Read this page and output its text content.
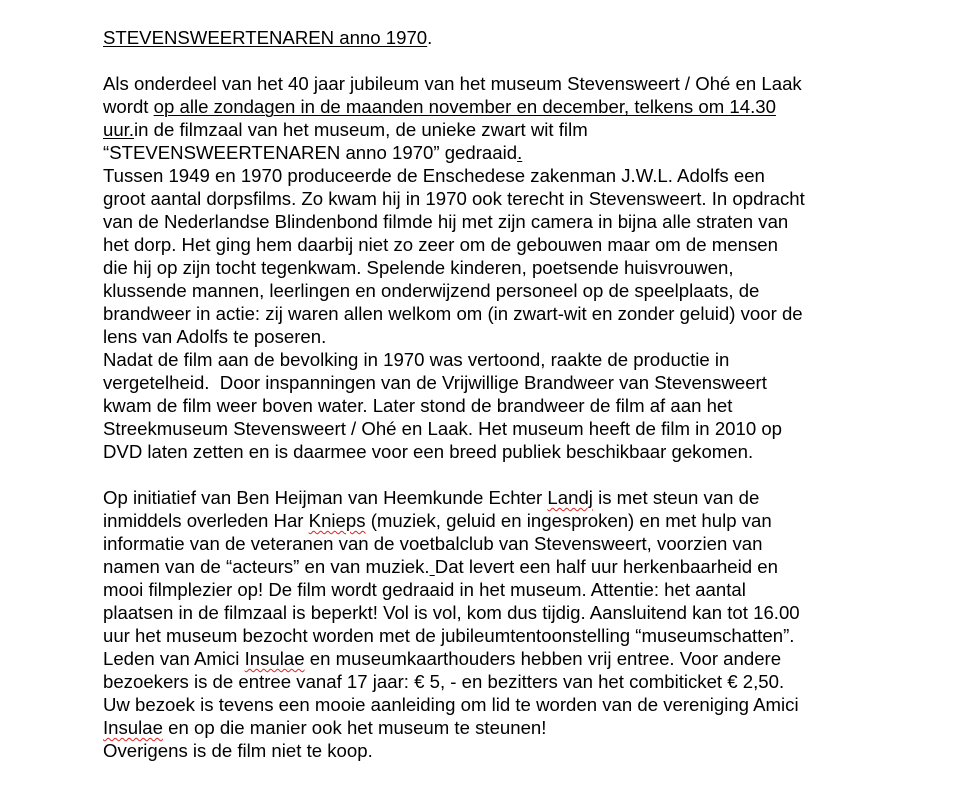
STEVENSWEERTENAREN anno 1970.
Als onderdeel van het 40 jaar jubileum van het museum Stevensweert / Ohé en Laak
wordt op alle zondagen in de maanden november en december, telkens om 14.30
uur.in de filmzaal van het museum, de unieke zwart wit film
“STEVENSWEERTENAREN anno 1970” gedraaid.
Tussen 1949 en 1970 produceerde de Enschedese zakenman J.W.L. Adolfs een
groot aantal dorpsfilms. Zo kwam hij in 1970 ook terecht in Stevensweert. In opdracht
van de Nederlandse Blindenbond filmde hij met zijn camera in bijna alle straten van
het dorp. Het ging hem daarbij niet zo zeer om de gebouwen maar om de mensen
die hij op zijn tocht tegenkwam. Spelende kinderen, poetsende huisvrouwen,
klussende mannen, leerlingen en onderwijzend personeel op de speelplaats, de
brandweer in actie: zij waren allen welkom om (in zwart-wit en zonder geluid) voor de
lens van Adolfs te poseren.
Nadat de film aan de bevolking in 1970 was vertoond, raakte de productie in
vergetelheid.  Door inspanningen van de Vrijwillige Brandweer van Stevensweert
kwam de film weer boven water. Later stond de brandweer de film af aan het
Streekmuseum Stevensweert / Ohé en Laak. Het museum heeft de film in 2010 op
DVD laten zetten en is daarmee voor een breed publiek beschikbaar gekomen.
Op initiatief van Ben Heijman van Heemkunde Echter Landj is met steun van de
inmiddels overleden Har Knieps (muziek, geluid en ingesproken) en met hulp van
informatie van de veteranen van de voetbalclub van Stevensweert, voorzien van
namen van de “acteurs” en van muziek. Dat levert een half uur herkenbaarheid en
mooi filmplezier op! De film wordt gedraaid in het museum. Attentie: het aantal
plaatsen in de filmzaal is beperkt! Vol is vol, kom dus tijdig. Aansluitend kan tot 16.00
uur het museum bezocht worden met de jubileumtentoonstelling “museumschatten”.
Leden van Amici Insulae en museumkaarthouders hebben vrij entree. Voor andere
bezoekers is de entree vanaf 17 jaar: € 5, - en bezitters van het combiticket € 2,50.
Uw bezoek is tevens een mooie aanleiding om lid te worden van de vereniging Amici
Insulae en op die manier ook het museum te steunen!
Overigens is de film niet te koop.
